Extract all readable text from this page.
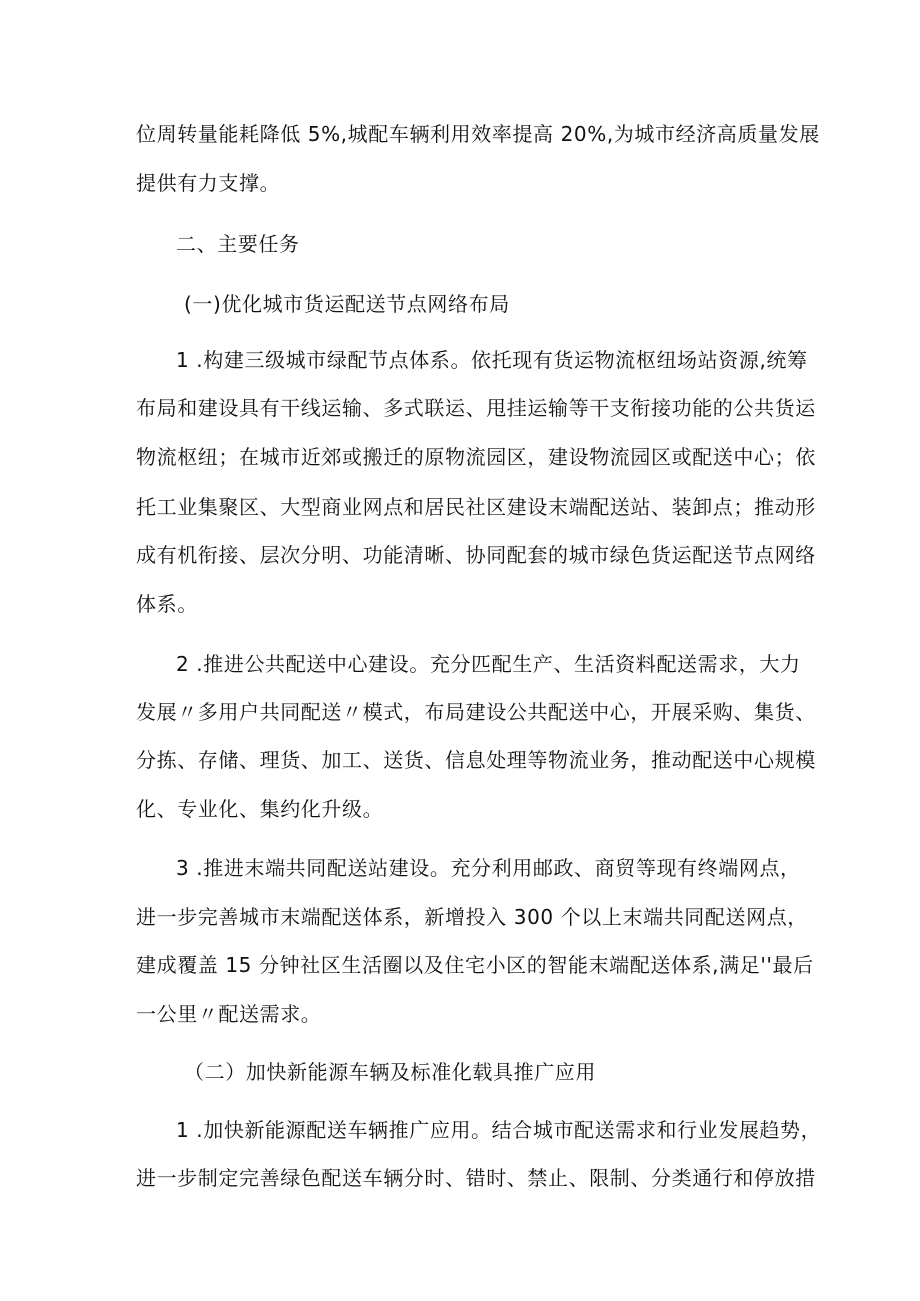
位周转量能耗降低 5%,城配车辆利用效率提高 20%,为城市经济高质量发展
提供有力支撑。
二、主要任务
(一)优化城市货运配送节点网络布局
1 .构建三级城市绿配节点体系。依托现有货运物流枢纽场站资源,统筹
布局和建设具有干线运输、多式联运、甩挂运输等干支衔接功能的公共货运
物流枢纽；在城市近郊或搬迁的原物流园区，建设物流园区或配送中心；依
托工业集聚区、大型商业网点和居民社区建设末端配送站、装卸点；推动形
成有机衔接、层次分明、功能清晰、协同配套的城市绿色货运配送节点网络
体系。
2 .推进公共配送中心建设。充分匹配生产、生活资料配送需求，大力
发展〃多用户共同配送〃模式，布局建设公共配送中心，开展采购、集货、
分拣、存储、理货、加工、送货、信息处理等物流业务，推动配送中心规模
化、专业化、集约化升级。
3 .推进末端共同配送站建设。充分利用邮政、商贸等现有终端网点，
进一步完善城市末端配送体系，新增投入 300 个以上末端共同配送网点，
建成覆盖 15 分钟社区生活圈以及住宅小区的智能末端配送体系,满足''最后
一公里〃配送需求。
（二）加快新能源车辆及标准化载具推广应用
1 .加快新能源配送车辆推广应用。结合城市配送需求和行业发展趋势，
进一步制定完善绿色配送车辆分时、错时、禁止、限制、分类通行和停放措
